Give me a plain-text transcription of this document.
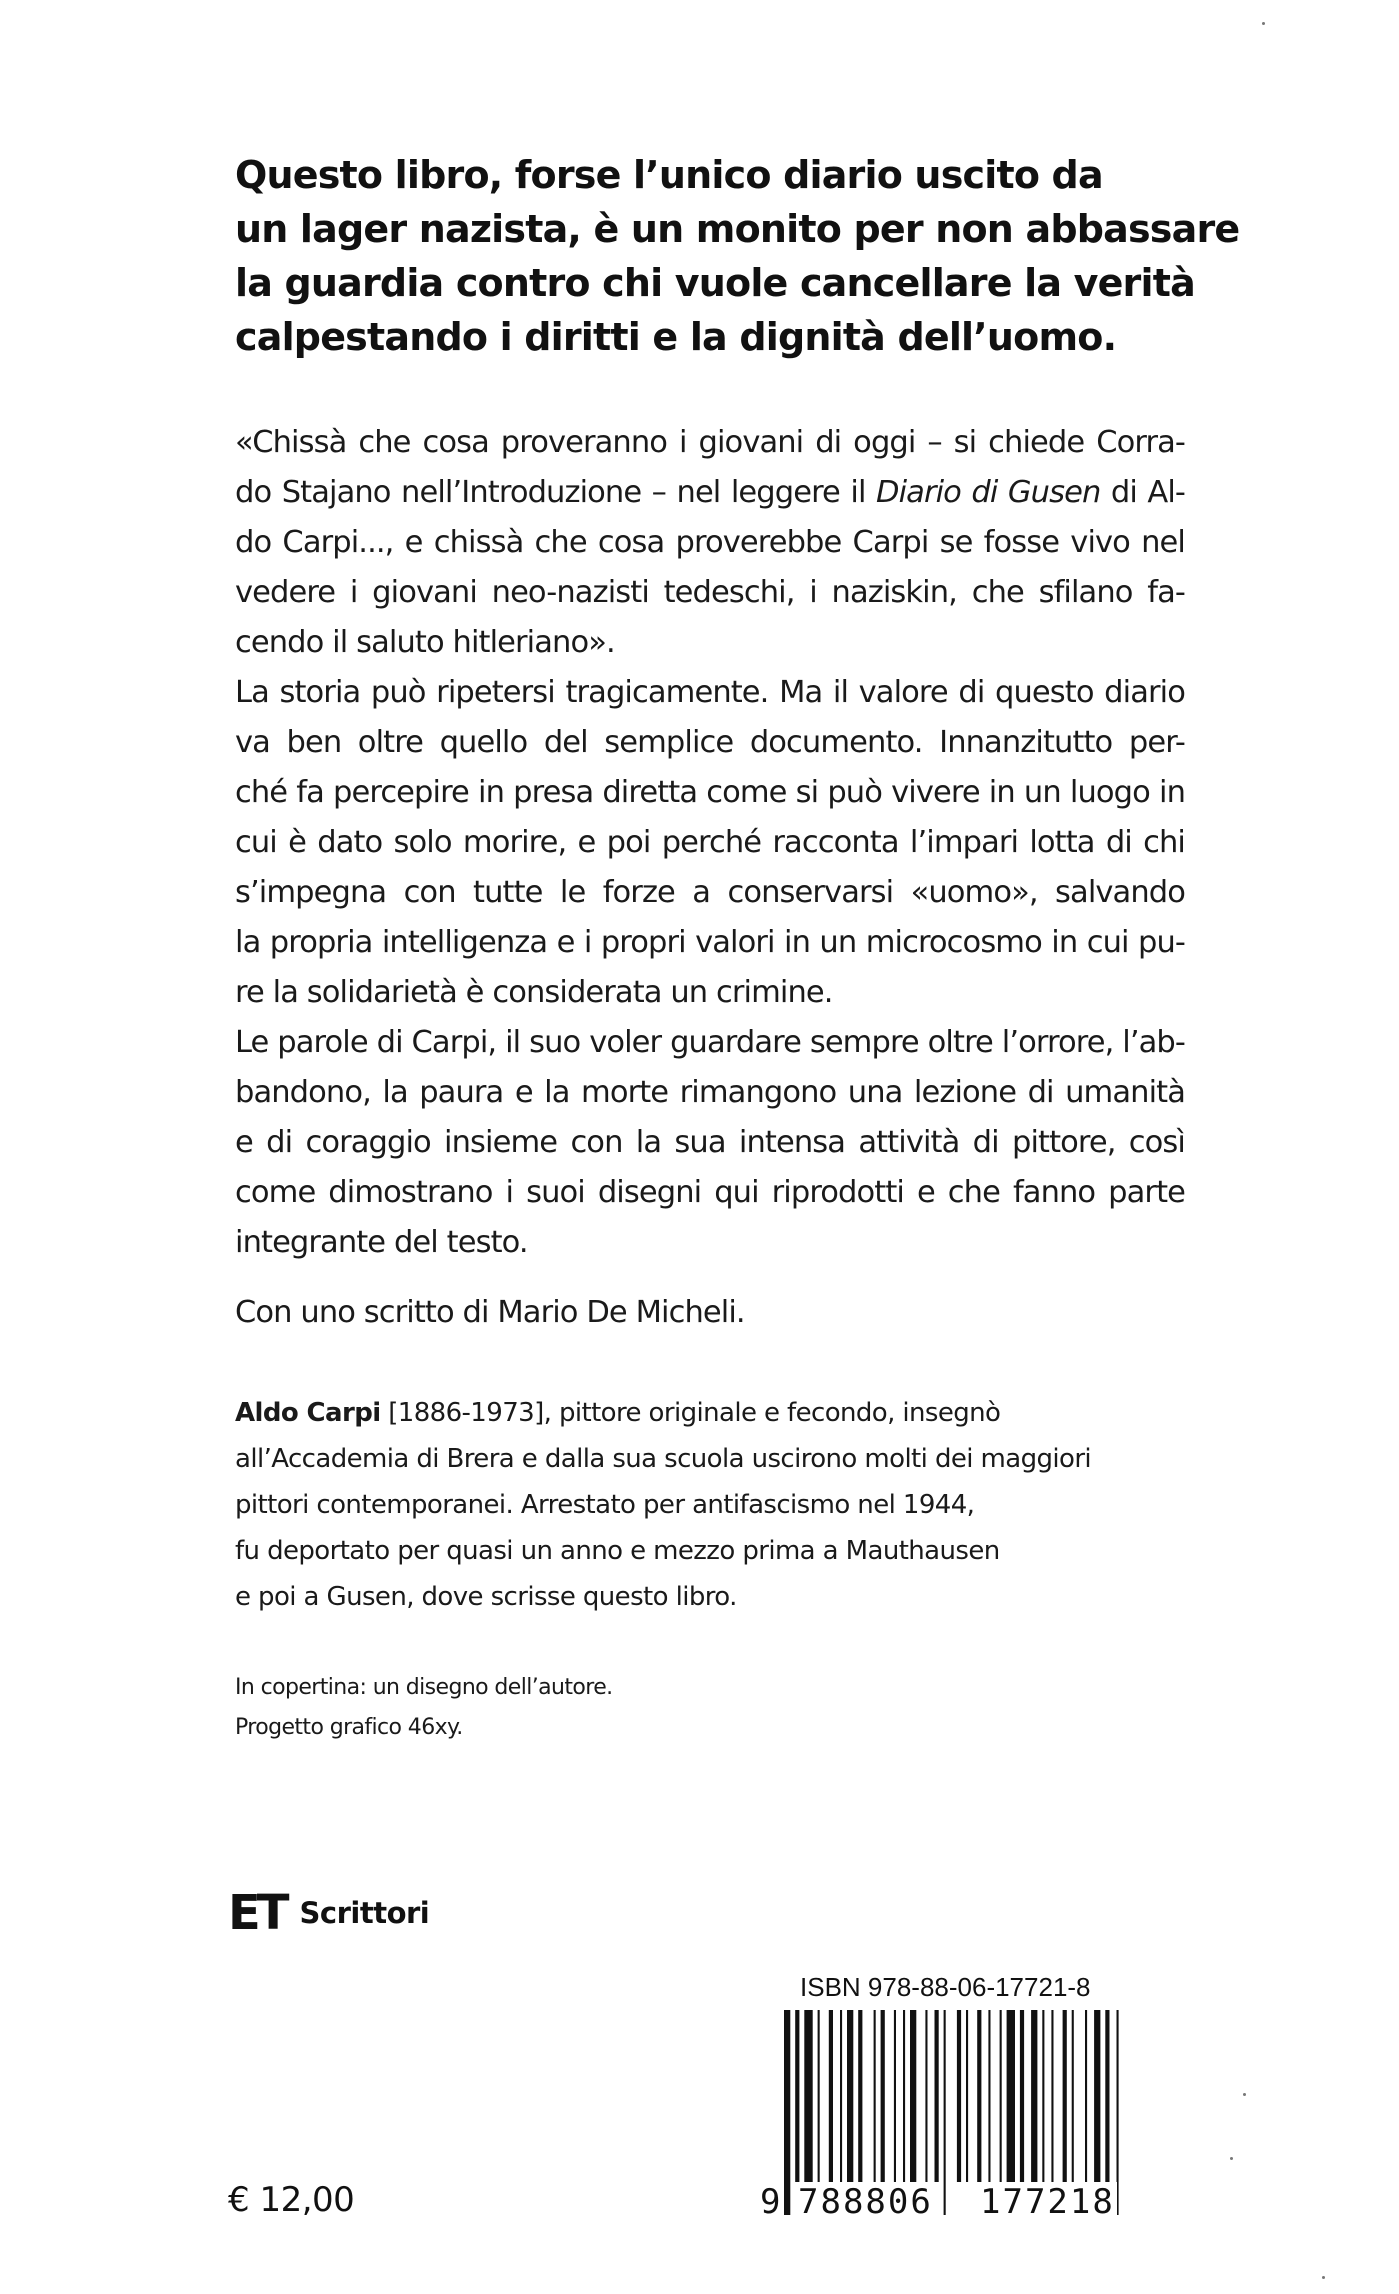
Questo libro, forse l’unico diario uscito da
un lager nazista, è un monito per non abbassare
la guardia contro chi vuole cancellare la verità
calpestando i diritti e la dignità dell’uomo.
«Chissà che cosa proveranno i giovani di oggi – si chiede Corra-
do Stajano nell’Introduzione – nel leggere il Diario di Gusen di Al-
do Carpi..., e chissà che cosa proverebbe Carpi se fosse vivo nel
vedere i giovani neo-nazisti tedeschi, i naziskin, che sfilano fa-
cendo il saluto hitleriano».
La storia può ripetersi tragicamente. Ma il valore di questo diario
va ben oltre quello del semplice documento. Innanzitutto per-
ché fa percepire in presa diretta come si può vivere in un luogo in
cui è dato solo morire, e poi perché racconta l’impari lotta di chi
s’impegna con tutte le forze a conservarsi «uomo», salvando
la propria intelligenza e i propri valori in un microcosmo in cui pu-
re la solidarietà è considerata un crimine.
Le parole di Carpi, il suo voler guardare sempre oltre l’orrore, l’ab-
bandono, la paura e la morte rimangono una lezione di umanità
e di coraggio insieme con la sua intensa attività di pittore, così
come dimostrano i suoi disegni qui riprodotti e che fanno parte
integrante del testo.
Con uno scritto di Mario De Micheli.
Aldo Carpi [1886-1973], pittore originale e fecondo, insegnò
all’Accademia di Brera e dalla sua scuola uscirono molti dei maggiori
pittori contemporanei. Arrestato per antifascismo nel 1944,
fu deportato per quasi un anno e mezzo prima a Mauthausen
e poi a Gusen, dove scrisse questo libro.
In copertina: un disegno dell’autore.
Progetto grafico 46xy.
ET Scrittori
€ 12,00
ISBN 978-88-06-17721-8
9 788806 177218
